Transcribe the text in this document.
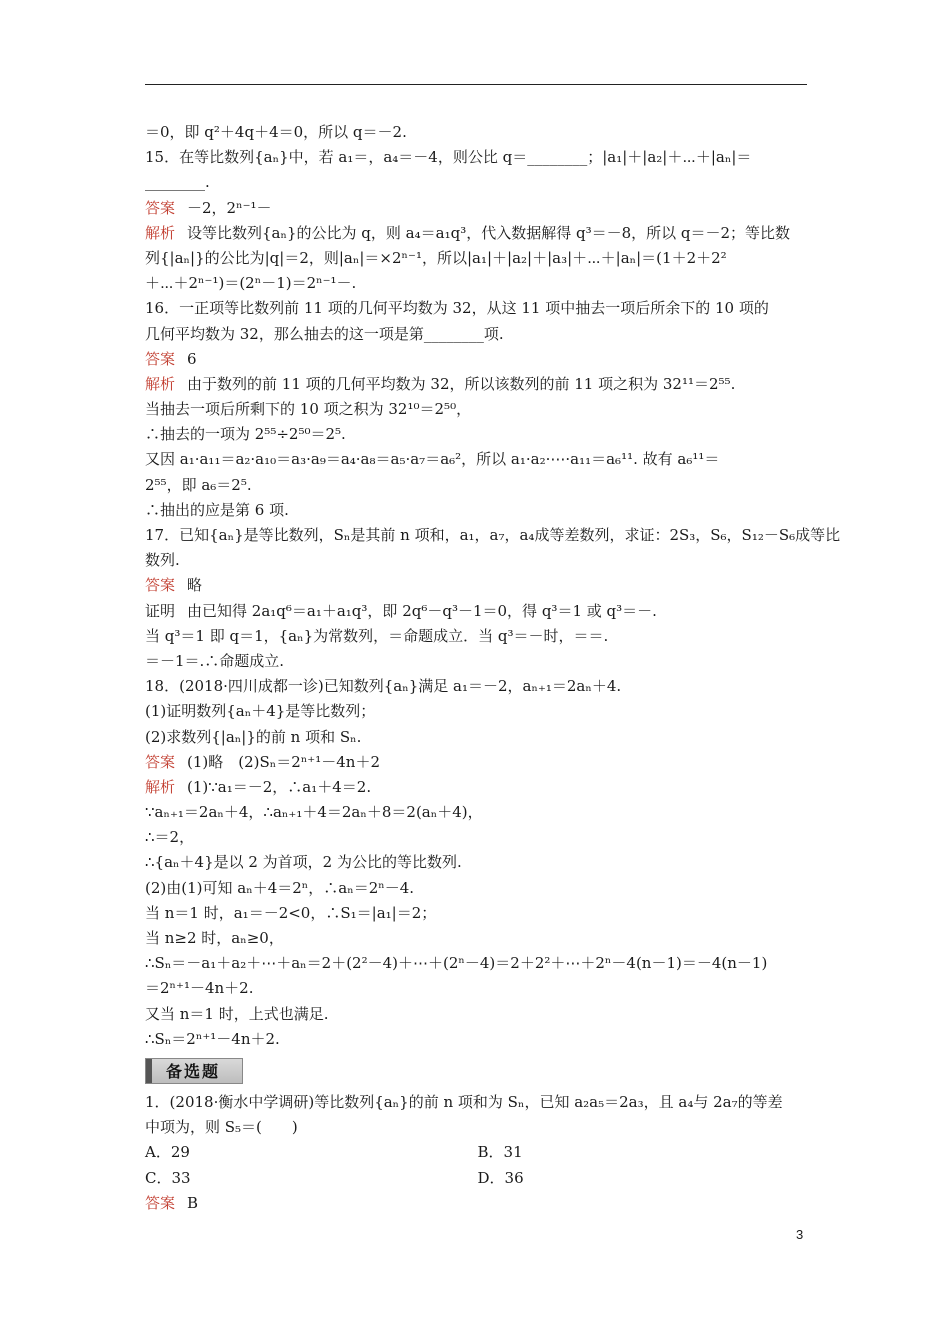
＝0，即 q²＋4q＋4＝0，所以 q＝－2.
15．在等比数列{aₙ}中，若 a₁＝，a₄＝－4，则公比 q＝________；|a₁|＋|a₂|＋⋯＋|aₙ|＝
________.
答案 －2，2ⁿ⁻¹－
解析 设等比数列{aₙ}的公比为 q，则 a₄＝a₁q³，代入数据解得 q³＝－8，所以 q＝－2；等比数
列{|aₙ|}的公比为|q|＝2，则|aₙ|＝×2ⁿ⁻¹，所以|a₁|＋|a₂|＋|a₃|＋⋯＋|aₙ|＝(1＋2＋2²
＋⋯＋2ⁿ⁻¹)＝(2ⁿ－1)＝2ⁿ⁻¹－.
16．一正项等比数列前 11 项的几何平均数为 32，从这 11 项中抽去一项后所余下的 10 项的
几何平均数为 32，那么抽去的这一项是第________项.
答案 6
解析 由于数列的前 11 项的几何平均数为 32，所以该数列的前 11 项之积为 32¹¹＝2⁵⁵.
当抽去一项后所剩下的 10 项之积为 32¹⁰＝2⁵⁰，
∴抽去的一项为 2⁵⁵÷2⁵⁰＝2⁵.
又因 a₁·a₁₁＝a₂·a₁₀＝a₃·a₉＝a₄·a₈＝a₅·a₇＝a₆²，所以 a₁·a₂·⋯·a₁₁＝a₆¹¹. 故有 a₆¹¹＝
2⁵⁵，即 a₆＝2⁵.
∴抽出的应是第 6 项.
17．已知{aₙ}是等比数列，Sₙ是其前 n 项和，a₁，a₇，a₄成等差数列，求证：2S₃，S₆，S₁₂－S₆成等比
数列.
答案 略
证明 由已知得 2a₁q⁶＝a₁＋a₁q³，即 2q⁶－q³－1＝0，得 q³＝1 或 q³＝－.
当 q³＝1 即 q＝1，{aₙ}为常数列，＝命题成立．当 q³＝－时，＝＝.
＝－1＝.∴命题成立.
18．(2018·四川成都一诊)已知数列{aₙ}满足 a₁＝－2，aₙ₊₁＝2aₙ＋4.
(1)证明数列{aₙ＋4}是等比数列；
(2)求数列{|aₙ|}的前 n 项和 Sₙ.
答案 (1)略　(2)Sₙ＝2ⁿ⁺¹－4n＋2
解析 (1)∵a₁＝－2，∴a₁＋4＝2.
∵aₙ₊₁＝2aₙ＋4，∴aₙ₊₁＋4＝2aₙ＋8＝2(aₙ＋4)，
∴＝2，
∴{aₙ＋4}是以 2 为首项，2 为公比的等比数列.
(2)由(1)可知 aₙ＋4＝2ⁿ，∴aₙ＝2ⁿ－4.
当 n＝1 时，a₁＝－2<0，∴S₁＝|a₁|＝2；
当 n≥2 时，aₙ≥0，
∴Sₙ＝－a₁＋a₂＋⋯＋aₙ＝2＋(2²－4)＋⋯＋(2ⁿ－4)＝2＋2²＋⋯＋2ⁿ－4(n－1)＝－4(n－1)
＝2ⁿ⁺¹－4n＋2.
又当 n＝1 时，上式也满足.
∴Sₙ＝2ⁿ⁺¹－4n＋2.
备选题
1．(2018·衡水中学调研)等比数列{aₙ}的前 n 项和为 Sₙ，已知 a₂a₅＝2a₃，且 a₄与 2a₇的等差
中项为，则 S₅＝(　　)
A．29	B．31
C．33	D．36
答案 B
3
